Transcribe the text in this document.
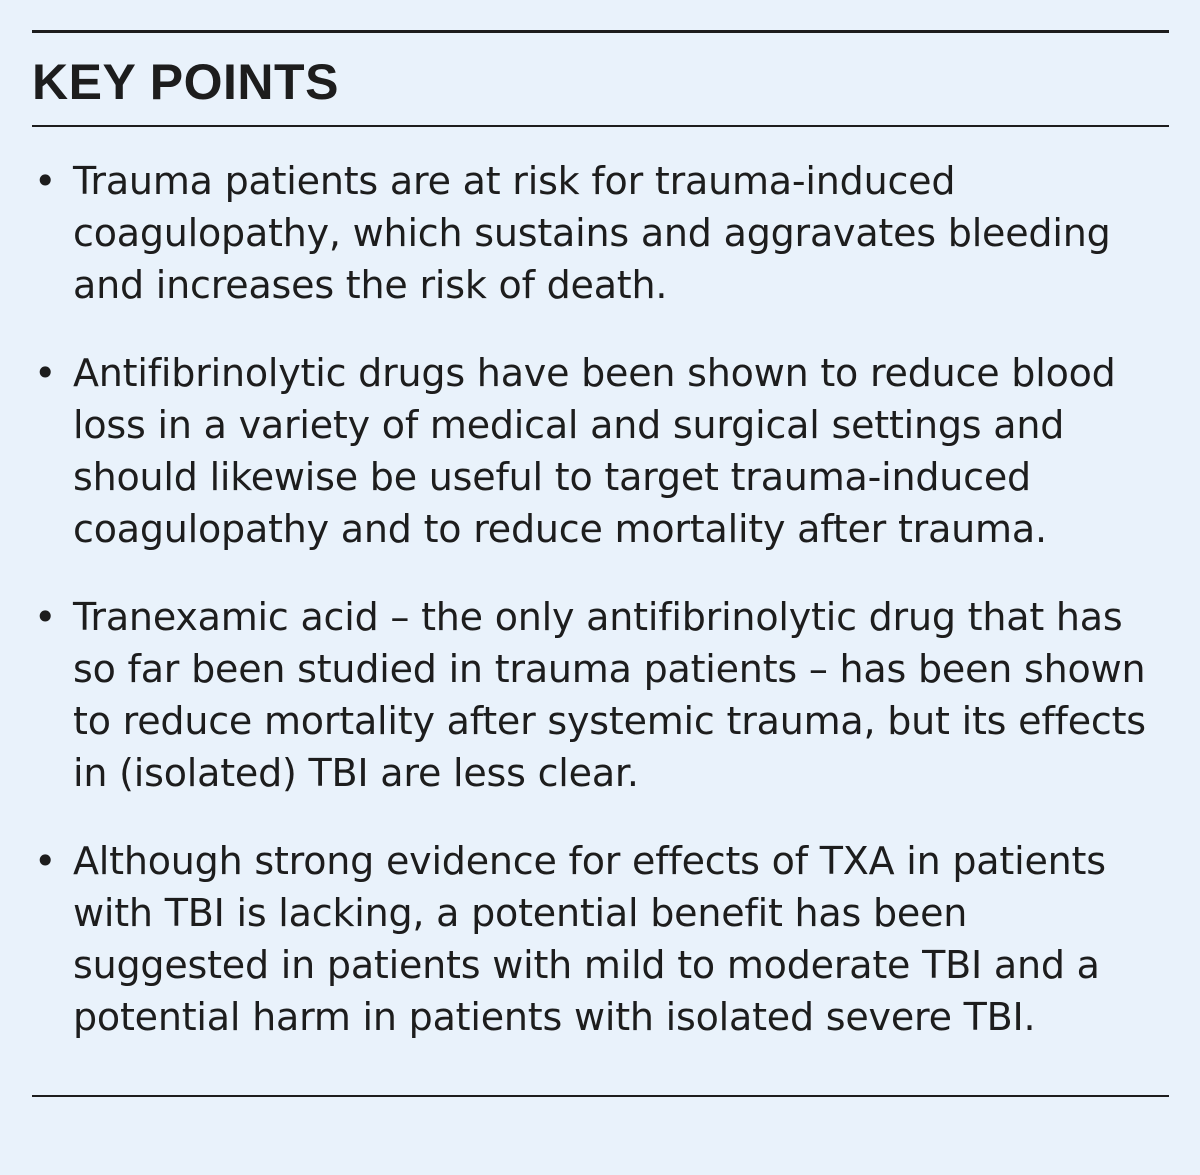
KEY POINTS
• Trauma patients are at risk for trauma-induced coagulopathy, which sustains and aggravates bleeding and increases the risk of death.
• Antifibrinolytic drugs have been shown to reduce blood loss in a variety of medical and surgical settings and should likewise be useful to target trauma-induced coagulopathy and to reduce mortality after trauma.
• Tranexamic acid – the only antifibrinolytic drug that has so far been studied in trauma patients – has been shown to reduce mortality after systemic trauma, but its effects in (isolated) TBI are less clear.
• Although strong evidence for effects of TXA in patients with TBI is lacking, a potential benefit has been suggested in patients with mild to moderate TBI and a potential harm in patients with isolated severe TBI.
